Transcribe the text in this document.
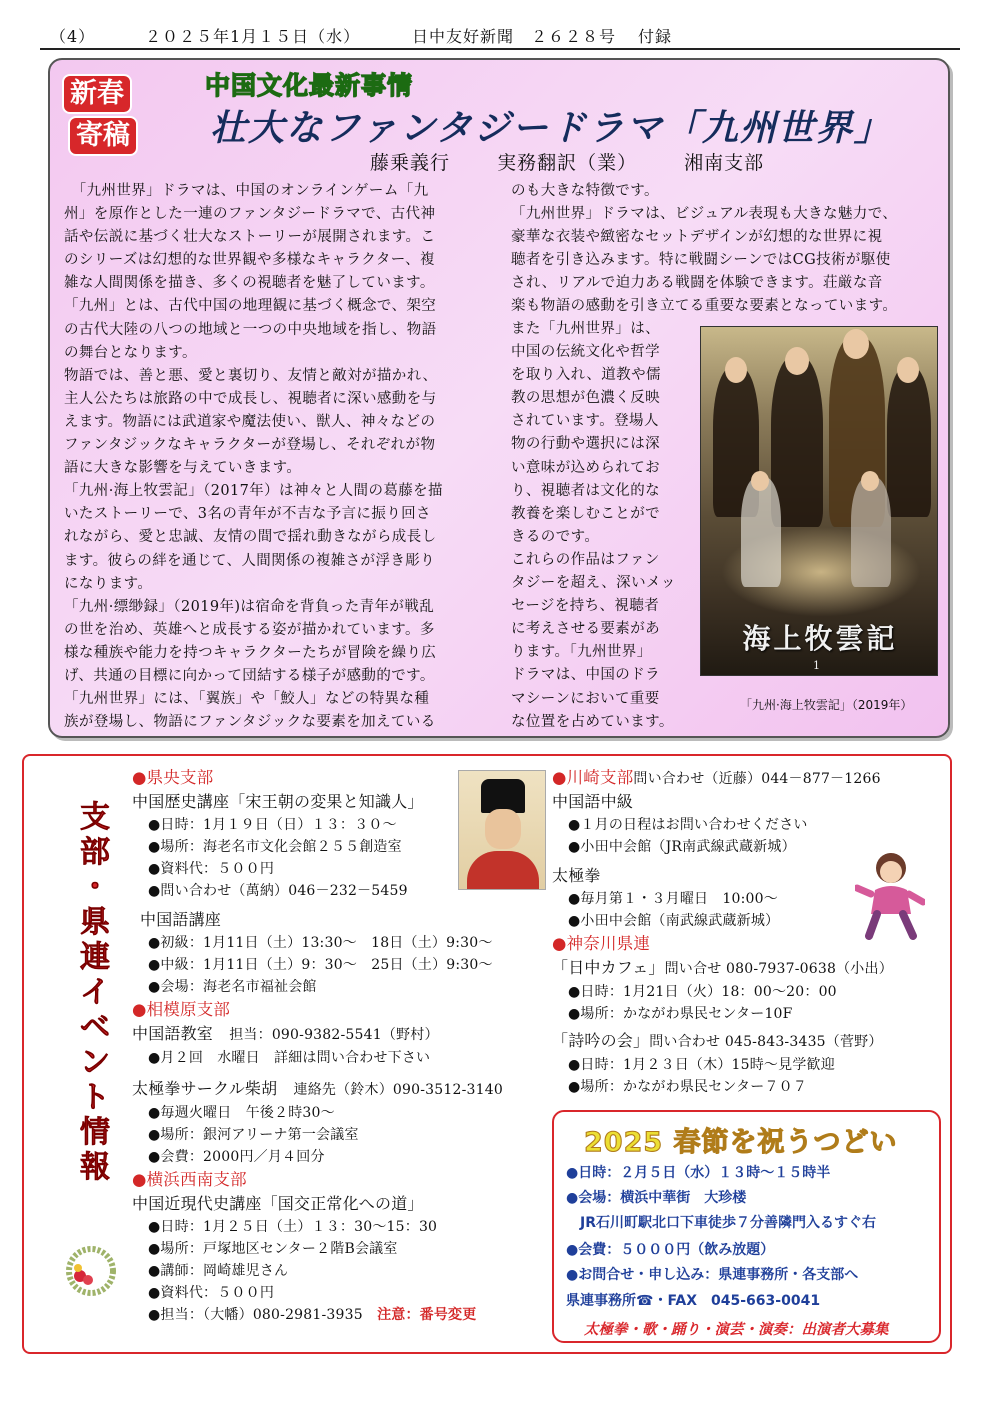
（4）	２０２５年1月１５日（水）	日中友好新聞　２６２８号 付録
新春
寄稿
中国文化最新事情
壮大なファンタジードラマ「九州世界」
藤乗義行 実務翻訳（業） 湘南支部

　「九州世界」ドラマは、中国のオンラインゲーム「九

州」を原作とした一連のファンタジードラマで、古代神

話や伝説に基づく壮大なストーリーが展開されます。こ

のシリーズは幻想的な世界観や多様なキャラクター、複

雑な人間関係を描き、多くの視聴者を魅了しています。

「九州」とは、古代中国の地理観に基づく概念で、架空

の古代大陸の八つの地域と一つの中央地域を指し、物語

の舞台となります。

物語では、善と悪、愛と裏切り、友情と敵対が描かれ、

主人公たちは旅路の中で成長し、視聴者に深い感動を与

えます。物語には武道家や魔法使い、獣人、神々などの

ファンタジックなキャラクターが登場し、それぞれが物

語に大きな影響を与えていきます。

「九州·海上牧雲記」（2017年）は神々と人間の葛藤を描

いたストーリーで、3名の青年が不吉な予言に振り回さ

れながら、愛と忠誠、友情の間で揺れ動きながら成長し

ます。彼らの絆を通じて、人間関係の複雑さが浮き彫り

になります。

「九州·缥缈録」（2019年)は宿命を背負った青年が戦乱

の世を治め、英雄へと成長する姿が描かれています。多

様な種族や能力を持つキャラクターたちが冒険を繰り広

げ、共通の目標に向かって団結する様子が感動的です。

「九州世界」には、「翼族」や「鮫人」などの特異な種

族が登場し、物語にファンタジックな要素を加えている

のも大きな特徴です。

「九州世界」ドラマは、ビジュアル表現も大きな魅力で、

豪華な衣装や緻密なセットデザインが幻想的な世界に視

聴者を引き込みます。特に戦闘シーンではCG技術が駆使

され、リアルで迫力ある戦闘を体験できます。荘厳な音

楽も物語の感動を引き立てる重要な要素となっています。

また「九州世界」は、

中国の伝統文化や哲学

を取り入れ、道教や儒

教の思想が色濃く反映

されています。登場人

物の行動や選択には深

い意味が込められてお

り、視聴者は文化的な

教養を楽しむことがで

きるのです。

これらの作品はファン

タジーを超え、深いメッ

セージを持ち、視聴者

に考えさせる要素があ

ります。「九州世界」

ドラマは、中国のドラ

マシーンにおいて重要

な位置を占めています。

海上牧雲記
1
「九州·海上牧雲記」（2019年）
支
部
・
県
連
イ
ベ
ン
ト
情
報

●県央支部

中国歴史講座「宋王朝の変果と知識人」

●日時：1月１９日（日）１３：３０～

●場所：海老名市文化会館２５５創造室

●資料代：５００円

●問い合わせ（萬納）046－232－5459

中国語講座

●初級：1月11日（土）13:30～　18日（土）9:30～

●中級：1月11日（土）9：30～　25日（土）9:30～

●会場：海老名市福祉会館

●相模原支部

中国語教室　 担当：090-9382-5541（野村）

●月２回　水曜日　詳細は問い合わせ下さい

太極拳サークル柴胡　 連絡先（鈴木）090-3512-3140

●毎週火曜日　午後２時30～

●場所：銀河アリーナ第一会議室

●会費：2000円／月４回分

●横浜西南支部

中国近現代史講座「国交正常化への道」

●日時：1月２５日（土）１３：30～15：30

●場所：戸塚地区センター２階B会議室

●講師：岡崎雄児さん

●資料代：５００円

●担当：（大幡）080-2981-3935　 注意：番号変更

●川崎支部問い合わせ（近藤）044－877－1266

中国語中級

●１月の日程はお問い合わせください

●小田中会館（JR南武線武蔵新城）

太極拳

●毎月第１・３月曜日　10:00～

●小田中会館（南武線武蔵新城）

●神奈川県連

「日中カフェ」問い合せ 080-7937-0638（小出）

●日時：1月21日（火）18：00～20：00

●場所：かながわ県民センター10F

「詩吟の会」問い合わせ 045-843-3435（菅野）

●日時：1月２３日（木）15時～見学歓迎

●場所：かながわ県民センター７０７

2025 春節を祝うつどい
●日時：２月５日（水）１３時～１５時半
●会場：横浜中華街　大珍楼
　JR石川町駅北口下車徒歩７分善隣門入るすぐ右
●会費：５０００円（飲み放題）
●お問合せ・申し込み：県連事務所・各支部へ
県連事務所☎・FAX　045-663-0041
太極拳・歌・踊り・演芸・演奏：出演者大募集
